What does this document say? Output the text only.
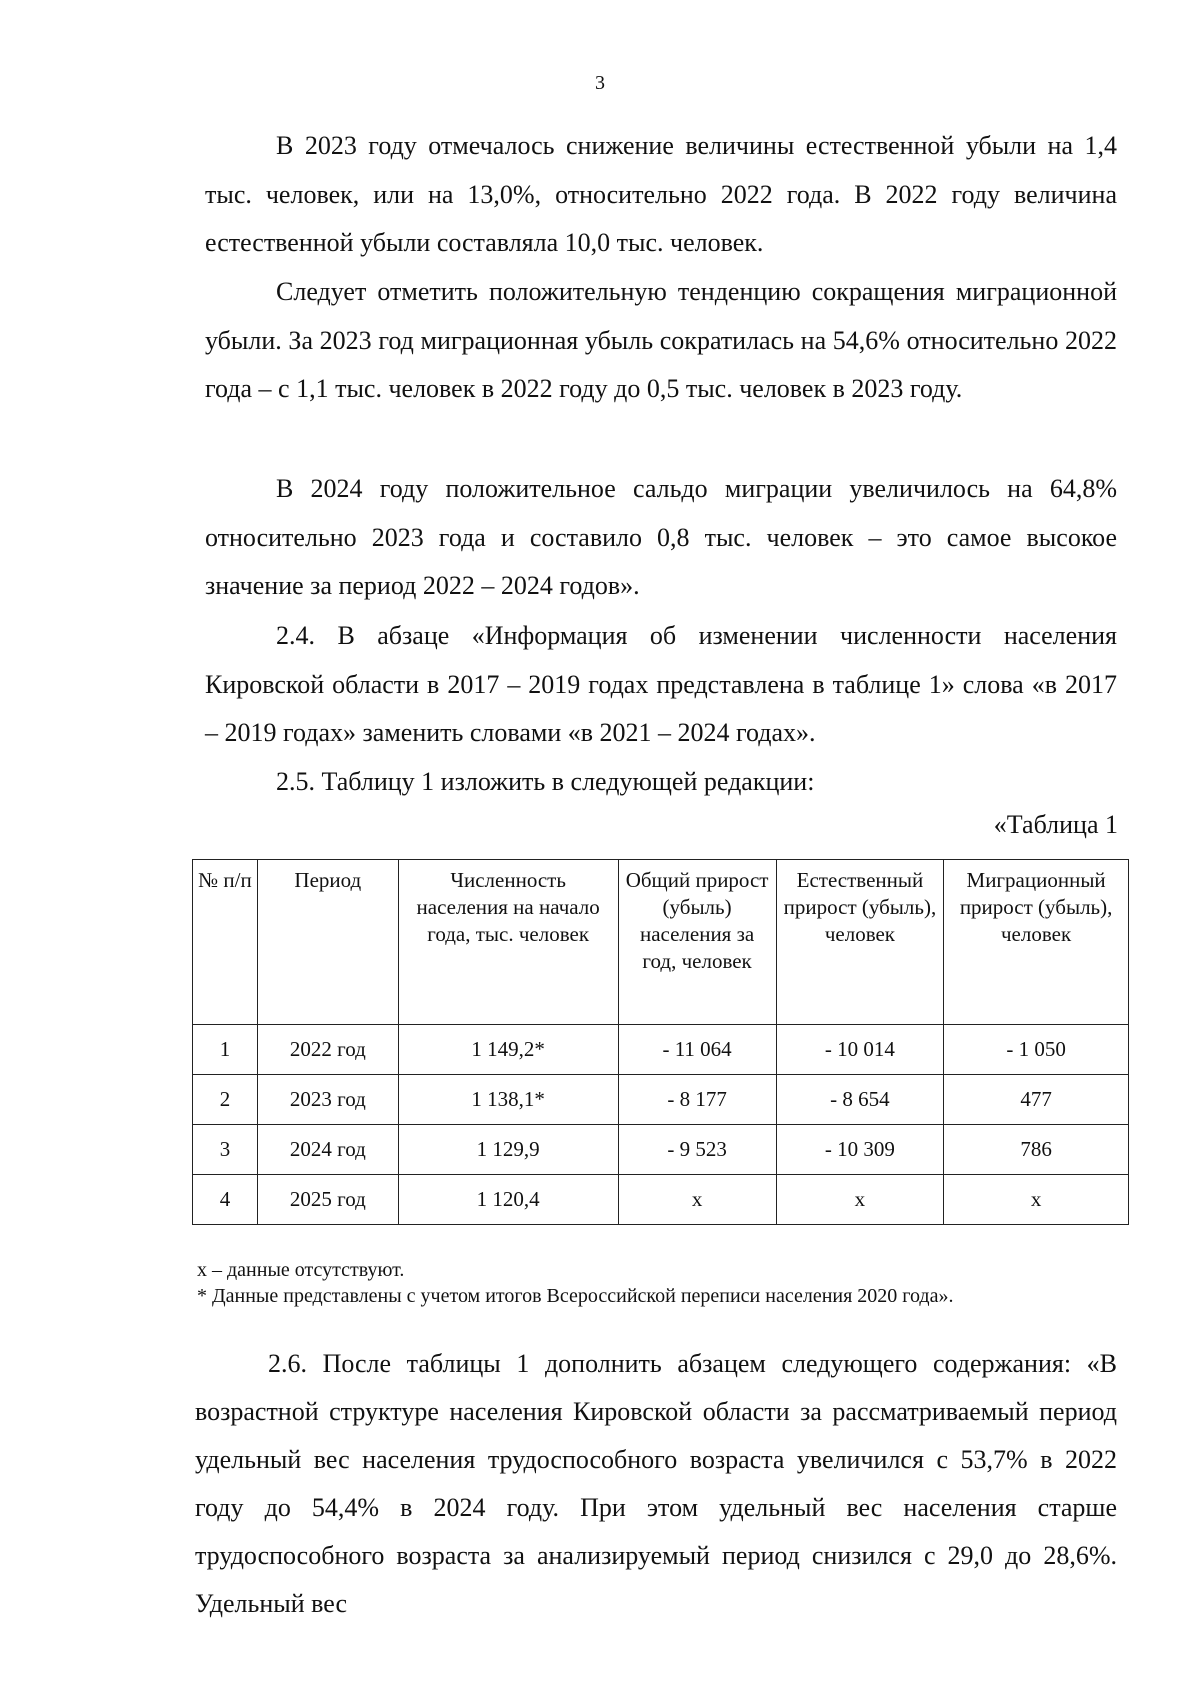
3

В 2023 году отмечалось снижение величины естественной убыли на 1,4 тыс. человек, или на 13,0%, относительно 2022 года. В 2022 году величина естественной убыли составляла 10,0 тыс. человек.

Следует отметить положительную тенденцию сокращения миграционной убыли. За 2023 год миграционная убыль сократилась на 54,6% относительно 2022 года – с 1,1 тыс. человек в 2022 году до 0,5 тыс. человек в 2023 году.

В 2024 году положительное сальдо миграции увеличилось на 64,8% относительно 2023 года и составило 0,8 тыс. человек – это самое высокое значение за период 2022 – 2024 годов».

2.4. В абзаце «Информация об изменении численности населения Кировской области в 2017 – 2019 годах представлена в таблице 1» слова «в 2017 – 2019 годах» заменить словами «в 2021 – 2024 годах».

2.5. Таблицу 1 изложить в следующей редакции:

«Таблица 1
№ п/п	Период	Численность населения на начало года, тыс. человек	Общий прирост (убыль) населения за год, человек	Естественный прирост (убыль), человек	Миграционный прирост (убыль), человек
1	2022 год	1 149,2*	- 11 064	- 10 014	- 1 050
2	2023 год	1 138,1*	- 8 177	- 8 654	477
3	2024 год	1 129,9	- 9 523	- 10 309	786
4	2025 год	1 120,4	x	x	x
x – данные отсутствуют.
* Данные представлены с учетом итогов Всероссийской переписи населения 2020 года».

2.6. После таблицы 1 дополнить абзацем следующего содержания: «В возрастной структуре населения Кировской области за рассматриваемый период удельный вес населения трудоспособного возраста увеличился с 53,7% в 2022 году до 54,4% в 2024 году. При этом удельный вес населения старше трудоспособного возраста за анализируемый период снизился с 29,0 до 28,6%. Удельный вес
